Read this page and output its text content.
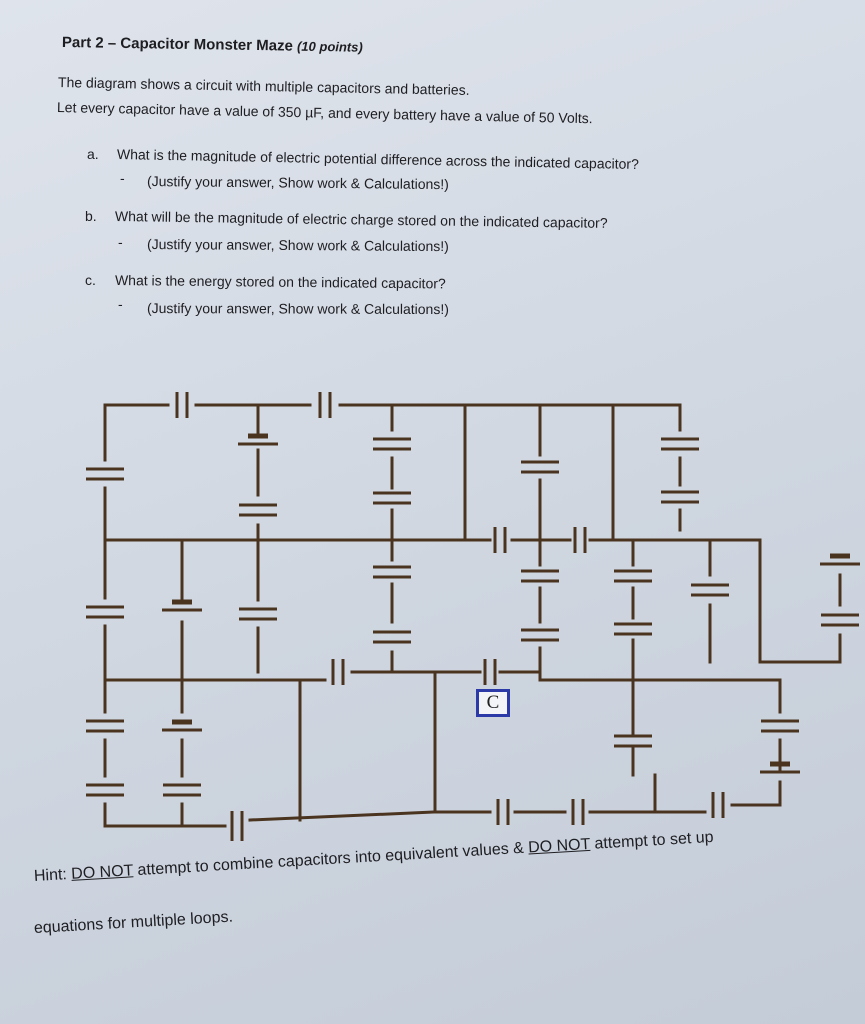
Part 2 – Capacitor Monster Maze (10 points)

The diagram shows a circuit with multiple capacitors and batteries.

Let every capacitor have a value of 350 µF, and every battery have a value of 50 Volts.

a. What is the magnitude of electric potential difference across the indicated capacitor?
- (Justify your answer, Show work & Calculations!)
b. What will be the magnitude of electric charge stored on the indicated capacitor?
- (Justify your answer, Show work & Calculations!)
c. What is the energy stored on the indicated capacitor?
- (Justify your answer, Show work & Calculations!)
C

Hint: DO NOT attempt to combine capacitors into equivalent values & DO NOT attempt to set up

equations for multiple loops.
